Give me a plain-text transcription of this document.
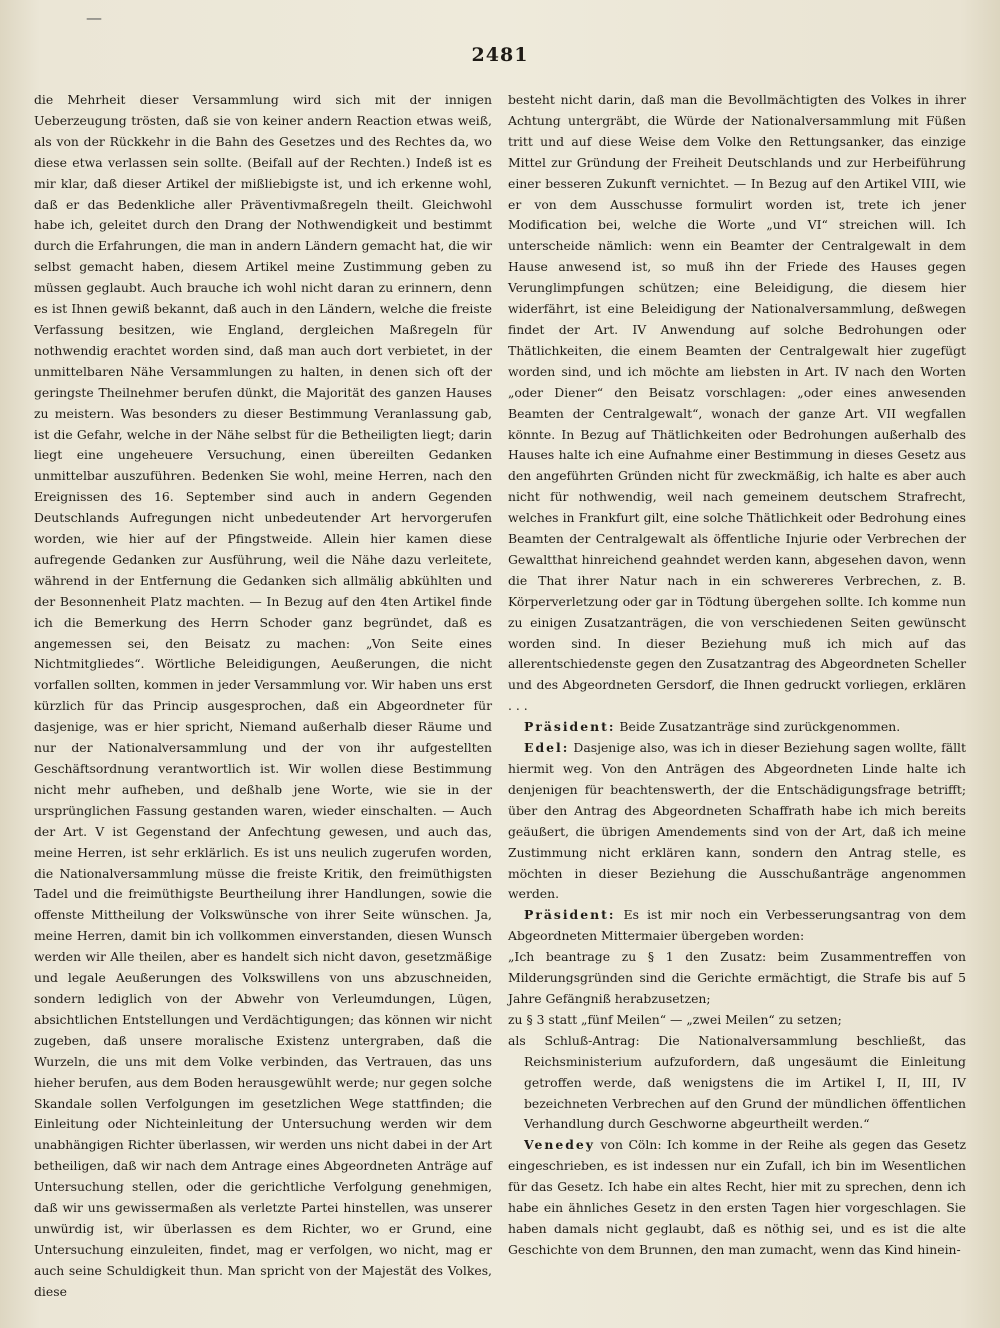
—
2481

die Mehrheit dieser Versammlung wird sich mit der innigen Ueberzeugung trösten, daß sie von keiner andern Reaction etwas weiß, als von der Rückkehr in die Bahn des Gesetzes und des Rechtes da, wo diese etwa verlassen sein sollte. (Beifall auf der Rechten.) Indeß ist es mir klar, daß dieser Artikel der mißliebigste ist, und ich erkenne wohl, daß er das Bedenkliche aller Präventivmaßregeln theilt. Gleichwohl habe ich, geleitet durch den Drang der Nothwendigkeit und bestimmt durch die Erfahrungen, die man in andern Ländern gemacht hat, die wir selbst gemacht haben, diesem Artikel meine Zustimmung geben zu müssen geglaubt. Auch brauche ich wohl nicht daran zu erinnern, denn es ist Ihnen gewiß bekannt, daß auch in den Ländern, welche die freiste Verfassung besitzen, wie England, dergleichen Maßregeln für nothwendig erachtet worden sind, daß man auch dort verbietet, in der unmittelbaren Nähe Versammlungen zu halten, in denen sich oft der geringste Theilnehmer berufen dünkt, die Majorität des ganzen Hauses zu meistern. Was besonders zu dieser Bestimmung Veranlassung gab, ist die Gefahr, welche in der Nähe selbst für die Betheiligten liegt; darin liegt eine ungeheuere Versuchung, einen übereilten Gedanken unmittelbar auszuführen. Bedenken Sie wohl, meine Herren, nach den Ereignissen des 16. September sind auch in andern Gegenden Deutschlands Aufregungen nicht unbedeutender Art hervorgerufen worden, wie hier auf der Pfingstweide. Allein hier kamen diese aufregende Gedanken zur Ausführung, weil die Nähe dazu verleitete, während in der Entfernung die Gedanken sich allmälig abkühlten und der Besonnenheit Platz machten. — In Bezug auf den 4ten Artikel finde ich die Bemerkung des Herrn Schoder ganz begründet, daß es angemessen sei, den Beisatz zu machen: „Von Seite eines Nichtmitgliedes“. Wörtliche Beleidigungen, Aeußerungen, die nicht vorfallen sollten, kommen in jeder Versammlung vor. Wir haben uns erst kürzlich für das Princip ausgesprochen, daß ein Abgeordneter für dasjenige, was er hier spricht, Niemand außerhalb dieser Räume und nur der Nationalversammlung und der von ihr aufgestellten Geschäftsordnung verantwortlich ist. Wir wollen diese Bestimmung nicht mehr aufheben, und deßhalb jene Worte, wie sie in der ursprünglichen Fassung gestanden waren, wieder einschalten. — Auch der Art. V ist Gegenstand der Anfechtung gewesen, und auch das, meine Herren, ist sehr erklärlich. Es ist uns neulich zugerufen worden, die Nationalversammlung müsse die freiste Kritik, den freimüthigsten Tadel und die freimüthigste Beurtheilung ihrer Handlungen, sowie die offenste Mittheilung der Volkswünsche von ihrer Seite wünschen. Ja, meine Herren, damit bin ich vollkommen einverstanden, diesen Wunsch werden wir Alle theilen, aber es handelt sich nicht davon, gesetzmäßige und legale Aeußerungen des Volkswillens von uns abzuschneiden, sondern lediglich von der Abwehr von Verleumdungen, Lügen, absichtlichen Entstellungen und Verdächtigungen; das können wir nicht zugeben, daß unsere moralische Existenz untergraben, daß die Wurzeln, die uns mit dem Volke verbinden, das Vertrauen, das uns hieher berufen, aus dem Boden herausgewühlt werde; nur gegen solche Skandale sollen Verfolgungen im gesetzlichen Wege stattfinden; die Einleitung oder Nichteinleitung der Untersuchung werden wir dem unabhängigen Richter überlassen, wir werden uns nicht dabei in der Art betheiligen, daß wir nach dem Antrage eines Abgeordneten Anträge auf Untersuchung stellen, oder die gerichtliche Verfolgung genehmigen, daß wir uns gewissermaßen als verletzte Partei hinstellen, was unserer unwürdig ist, wir überlassen es dem Richter, wo er Grund, eine Untersuchung einzuleiten, findet, mag er verfolgen, wo nicht, mag er auch seine Schuldigkeit thun. Man spricht von der Majestät des Volkes, diese

besteht nicht darin, daß man die Bevollmächtigten des Volkes in ihrer Achtung untergräbt, die Würde der Nationalversammlung mit Füßen tritt und auf diese Weise dem Volke den Rettungsanker, das einzige Mittel zur Gründung der Freiheit Deutschlands und zur Herbeiführung einer besseren Zukunft vernichtet. — In Bezug auf den Artikel VIII, wie er von dem Ausschusse formulirt worden ist, trete ich jener Modification bei, welche die Worte „und VI“ streichen will. Ich unterscheide nämlich: wenn ein Beamter der Centralgewalt in dem Hause anwesend ist, so muß ihn der Friede des Hauses gegen Verunglimpfungen schützen; eine Beleidigung, die diesem hier widerfährt, ist eine Beleidigung der Nationalversammlung, deßwegen findet der Art. IV Anwendung auf solche Bedrohungen oder Thätlichkeiten, die einem Beamten der Centralgewalt hier zugefügt worden sind, und ich möchte am liebsten in Art. IV nach den Worten „oder Diener“ den Beisatz vorschlagen: „oder eines anwesenden Beamten der Centralgewalt“, wonach der ganze Art. VII wegfallen könnte. In Bezug auf Thätlichkeiten oder Bedrohungen außerhalb des Hauses halte ich eine Aufnahme einer Bestimmung in dieses Gesetz aus den angeführten Gründen nicht für zweckmäßig, ich halte es aber auch nicht für nothwendig, weil nach gemeinem deutschem Strafrecht, welches in Frankfurt gilt, eine solche Thätlichkeit oder Bedrohung eines Beamten der Centralgewalt als öffentliche Injurie oder Verbrechen der Gewaltthat hinreichend geahndet werden kann, abgesehen davon, wenn die That ihrer Natur nach in ein schwereres Verbrechen, z. B. Körperverletzung oder gar in Tödtung übergehen sollte. Ich komme nun zu einigen Zusatzanträgen, die von verschiedenen Seiten gewünscht worden sind. In dieser Beziehung muß ich mich auf das allerentschiedenste gegen den Zusatzantrag des Abgeordneten Scheller und des Abgeordneten Gersdorf, die Ihnen gedruckt vorliegen, erklären . . .

Präsident: Beide Zusatzanträge sind zurückgenommen.

Edel: Dasjenige also, was ich in dieser Beziehung sagen wollte, fällt hiermit weg. Von den Anträgen des Abgeordneten Linde halte ich denjenigen für beachtenswerth, der die Entschädigungsfrage betrifft; über den Antrag des Abgeordneten Schaffrath habe ich mich bereits geäußert, die übrigen Amendements sind von der Art, daß ich meine Zustimmung nicht erklären kann, sondern den Antrag stelle, es möchten in dieser Beziehung die Ausschußanträge angenommen werden.

Präsident: Es ist mir noch ein Verbesserungsantrag von dem Abgeordneten Mittermaier übergeben worden:

„Ich beantrage zu § 1 den Zusatz: beim Zusammentreffen von Milderungsgründen sind die Gerichte ermächtigt, die Strafe bis auf 5 Jahre Gefängniß herabzusetzen;

zu § 3 statt „fünf Meilen“ — „zwei Meilen“ zu setzen;

als Schluß-Antrag: Die Nationalversammlung beschließt, das Reichsministerium aufzufordern, daß ungesäumt die Einleitung getroffen werde, daß wenigstens die im Artikel I, II, III, IV bezeichneten Verbrechen auf den Grund der mündlichen öffentlichen Verhandlung durch Geschworne abgeurtheilt werden.“

Venedey von Cöln: Ich komme in der Reihe als gegen das Gesetz eingeschrieben, es ist indessen nur ein Zufall, ich bin im Wesentlichen für das Gesetz. Ich habe ein altes Recht, hier mit zu sprechen, denn ich habe ein ähnliches Gesetz in den ersten Tagen hier vorgeschlagen. Sie haben damals nicht geglaubt, daß es nöthig sei, und es ist die alte Geschichte von dem Brunnen, den man zumacht, wenn das Kind hinein-
